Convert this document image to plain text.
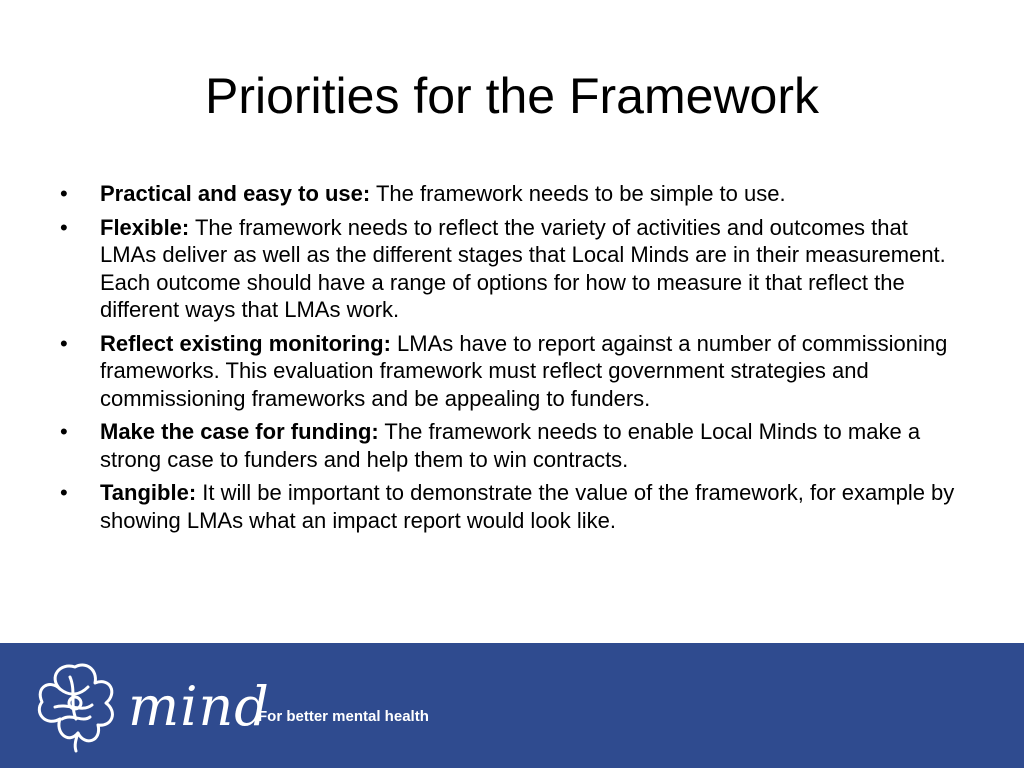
Priorities for the Framework
•	Practical and easy to use: The framework needs to be simple to use.
•	Flexible: The framework needs to reflect the variety of activities and outcomes that LMAs deliver as well as the different stages that Local Minds are in their measurement. Each outcome should have a range of options for how to measure it that reflect the different ways that LMAs work.
•	Reflect existing monitoring: LMAs have to report against a number of commissioning frameworks. This evaluation framework must reflect government strategies and commissioning frameworks and be appealing to funders.
•	Make the case for funding: The framework needs to enable Local Minds to make a strong case to funders and help them to win contracts.
•	Tangible: It will be important to demonstrate the value of the framework, for example by showing LMAs what an impact report would look like.
mind
For better mental health
